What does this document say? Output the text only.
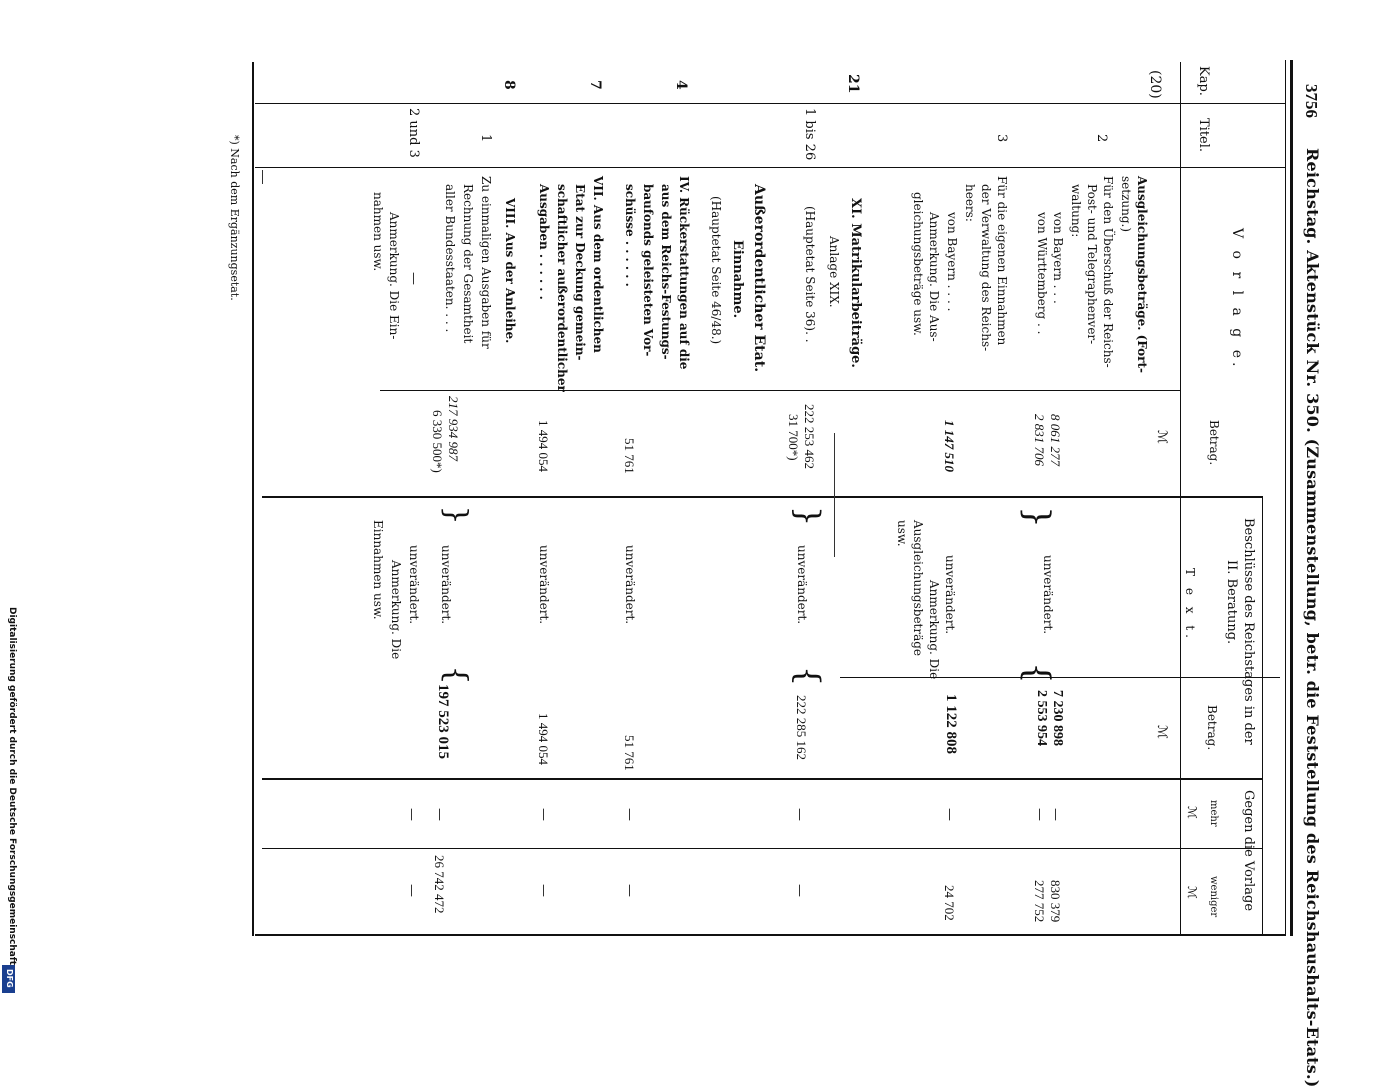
3756
Reichstag. Aktenstück Nr. 350. (Zusammenstellung, betr. die Feststellung des Reichshaushalts-Etats.)
Kap.
Titel.
V o r l a g e.
Betrag.
ℳ
Beschlüsse des Reichstages in der
II. Beratung.
T e x t.
Betrag.
ℳ
Gegen die Vorlage
mehr
ℳ
weniger
ℳ
(20)
Ausgleichungsbeträge. (Fort-
setzung.)
2
Für den Überschuß der Reichs-
Post- und Telegraphenver-
waltung:
von Bayern . . .
von Württemberg . .
8 061 277
2 831 706
}
unverändert.
{
7 230 898
2 553 954
—
—
830 379
277 752
3
Für die eigenen Einnahmen
der Verwaltung des Reichs-
heers:
von Bayern . . . .
Anmerkung. Die Aus-
gleichungsbeträge usw.
1 147 510
unverändert.
Anmerkung. Die
Ausgleichungsbeträge
usw.
1 122 808
—
24 702
21
XI. Matrikularbeiträge.
Anlage XIX.
1 bis 26
(Hauptetat Seite 36). .
222 253 462
31 700*)
}
unverändert.
{
222 285 162
—
—
Außerordentlicher Etat.
Einnahme.
(Hauptetat Seite 46/48.)
4
IV. Rückerstattungen auf die
aus dem Reichs-Festungs-
baufonds geleisteten Vor-
schüsse . . . . . .
51 761
unverändert.
51 761
—
—
7
VII. Aus dem ordentlichen
Etat zur Deckung gemein-
schaftlicher außerordentlicher
Ausgaben . . . . . .
1 494 054
unverändert.
1 494 054
—
—
8
VIII. Aus der Anleihe.
1
Zu einmaligen Ausgaben für
Rechnung der Gesamtheit
aller Bundesstaaten. . . .
217 934 987
6 330 500*)
}
unverändert.
{
197 523 015
—
26 742 472
2 und 3
—
Anmerkung. Die Ein-
nahmen usw.
unverändert.
Anmerkung. Die
Einnahmen usw.
—
—
*) Nach dem Ergänzungsetat.
Digitalisierung gefördert durch die Deutsche Forschungsgemeinschaft
DFG
